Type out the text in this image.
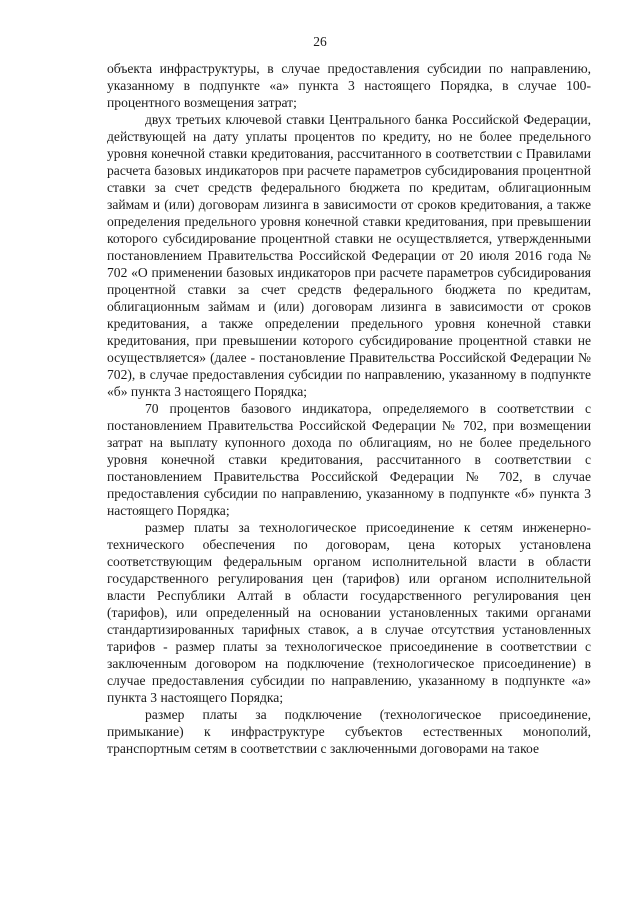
26

объекта инфраструктуры, в случае предоставления субсидии по направлению, указанному в подпункте «а» пункта 3 настоящего Порядка, в случае 100-процентного возмещения затрат;

двух третьих ключевой ставки Центрального банка Российской Федерации, действующей на дату уплаты процентов по кредиту, но не более предельного уровня конечной ставки кредитования, рассчитанного в соответствии с Правилами расчета базовых индикаторов при расчете параметров субсидирования процентной ставки за счет средств федерального бюджета по кредитам, облигационным займам и (или) договорам лизинга в зависимости от сроков кредитования, а также определения предельного уровня конечной ставки кредитования, при превышении которого субсидирование процентной ставки не осуществляется, утвержденными постановлением Правительства Российской Федерации от 20 июля 2016 года № 702 «О применении базовых индикаторов при расчете параметров субсидирования процентной ставки за счет средств федерального бюджета по кредитам, облигационным займам и (или) договорам лизинга в зависимости от сроков кредитования, а также определении предельного уровня конечной ставки кредитования, при превышении которого субсидирование процентной ставки не осуществляется» (далее - постановление Правительства Российской Федерации № 702), в случае предоставления субсидии по направлению, указанному в подпункте «б» пункта 3 настоящего Порядка;

70 процентов базового индикатора, определяемого в соответствии с постановлением Правительства Российской Федерации № 702, при возмещении затрат на выплату купонного дохода по облигациям, но не более предельного уровня конечной ставки кредитования, рассчитанного в соответствии с постановлением Правительства Российской Федерации № 702, в случае предоставления субсидии по направлению, указанному в подпункте «б» пункта 3 настоящего Порядка;

размер платы за технологическое присоединение к сетям инженерно-технического обеспечения по договорам, цена которых установлена соответствующим федеральным органом исполнительной власти в области государственного регулирования цен (тарифов) или органом исполнительной власти Республики Алтай в области государственного регулирования цен (тарифов), или определенный на основании установленных такими органами стандартизированных тарифных ставок, а в случае отсутствия установленных тарифов - размер платы за технологическое присоединение в соответствии с заключенным договором на подключение (технологическое присоединение) в случае предоставления субсидии по направлению, указанному в подпункте «а» пункта 3 настоящего Порядка;

размер платы за подключение (технологическое присоединение, примыкание) к инфраструктуре субъектов естественных монополий, транспортным сетям в соответствии с заключенными договорами на такое
